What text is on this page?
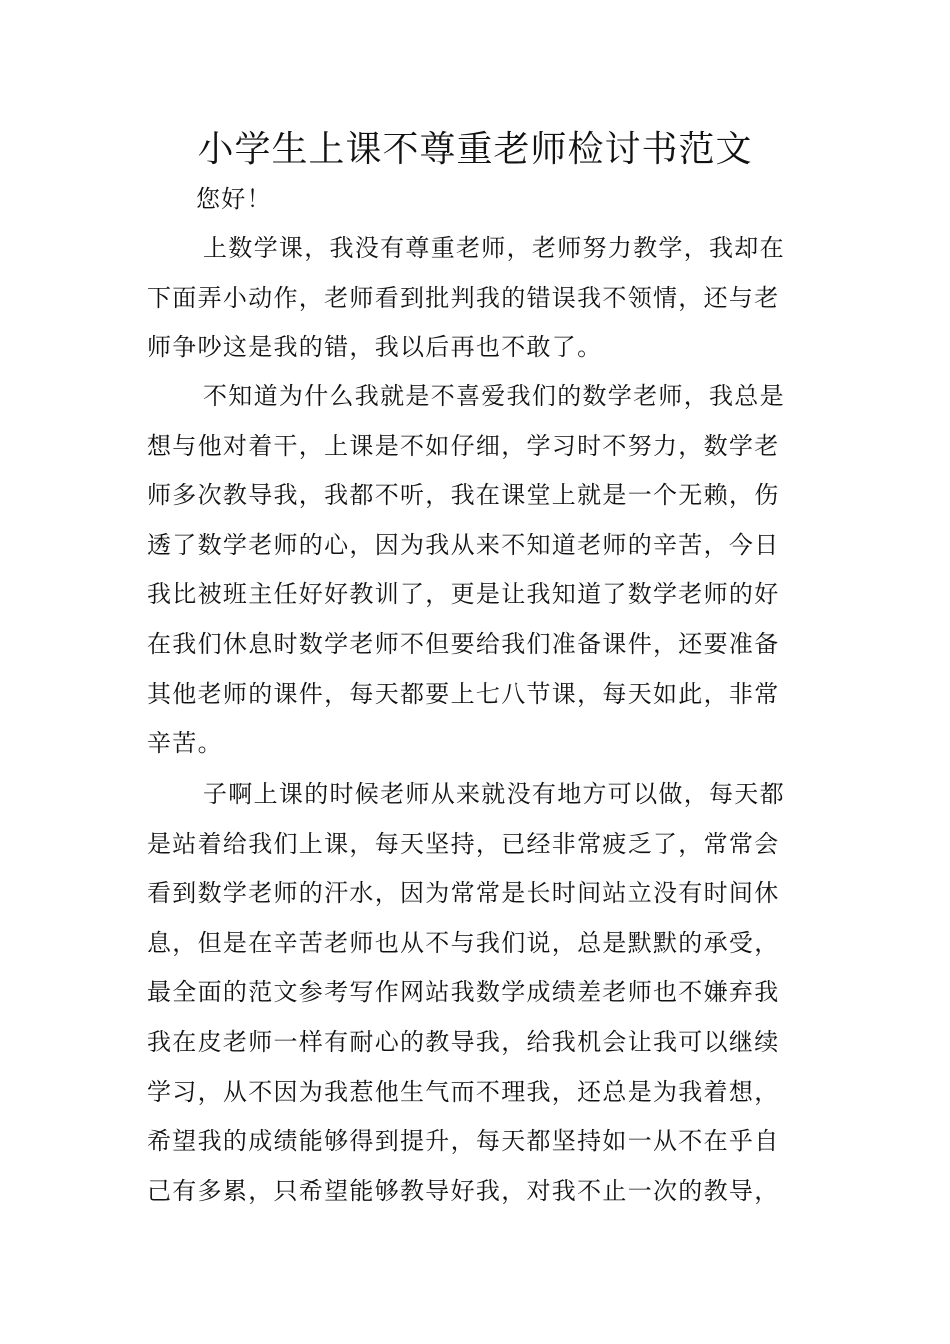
小学生上课不尊重老师检讨书范文
您好！
上数学课，我没有尊重老师，老师努力教学，我却在
下面弄小动作，老师看到批判我的错误我不领情，还与老
师争吵这是我的错，我以后再也不敢了。
不知道为什么我就是不喜爱我们的数学老师，我总是
想与他对着干，上课是不如仔细，学习时不努力，数学老
师多次教导我，我都不听，我在课堂上就是一个无赖，伤
透了数学老师的心，因为我从来不知道老师的辛苦，今日
我比被班主任好好教训了，更是让我知道了数学老师的好
在我们休息时数学老师不但要给我们准备课件，还要准备
其他老师的课件，每天都要上七八节课，每天如此，非常
辛苦。
子啊上课的时候老师从来就没有地方可以做，每天都
是站着给我们上课，每天坚持，已经非常疲乏了，常常会
看到数学老师的汗水，因为常常是长时间站立没有时间休
息，但是在辛苦老师也从不与我们说，总是默默的承受，
最全面的范文参考写作网站我数学成绩差老师也不嫌弃我
我在皮老师一样有耐心的教导我，给我机会让我可以继续
学习，从不因为我惹他生气而不理我，还总是为我着想，
希望我的成绩能够得到提升，每天都坚持如一从不在乎自
己有多累，只希望能够教导好我，对我不止一次的教导，
